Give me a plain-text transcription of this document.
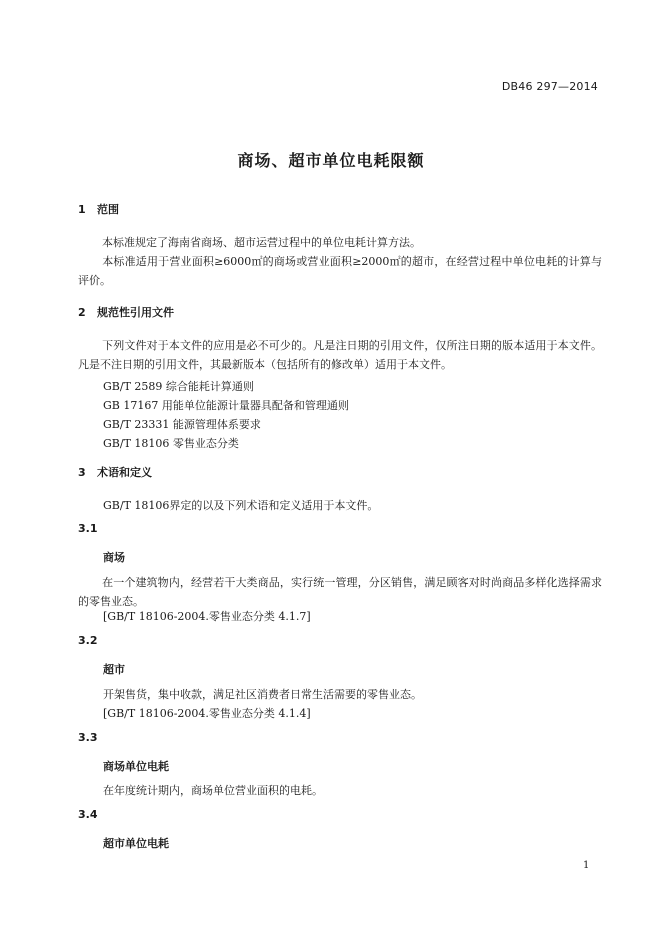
DB46 297—2014
商场、超市单位电耗限额
1 范围
本标准规定了海南省商场、超市运营过程中的单位电耗计算方法。
本标准适用于营业面积≥6000㎡的商场或营业面积≥2000㎡的超市，在经营过程中单位电耗的计算与评价。
2 规范性引用文件
下列文件对于本文件的应用是必不可少的。凡是注日期的引用文件，仅所注日期的版本适用于本文件。凡是不注日期的引用文件，其最新版本（包括所有的修改单）适用于本文件。
GB/T 2589 综合能耗计算通则
GB 17167 用能单位能源计量器具配备和管理通则
GB/T 23331 能源管理体系要求
GB/T 18106 零售业态分类
3 术语和定义
GB/T 18106界定的以及下列术语和定义适用于本文件。
3.1
商场
在一个建筑物内，经营若干大类商品，实行统一管理，分区销售，满足顾客对时尚商品多样化选择需求的零售业态。
[GB/T 18106-2004.零售业态分类 4.1.7]
3.2
超市
开架售货，集中收款，满足社区消费者日常生活需要的零售业态。
[GB/T 18106-2004.零售业态分类 4.1.4]
3.3
商场单位电耗
在年度统计期内，商场单位营业面积的电耗。
3.4
超市单位电耗
1
